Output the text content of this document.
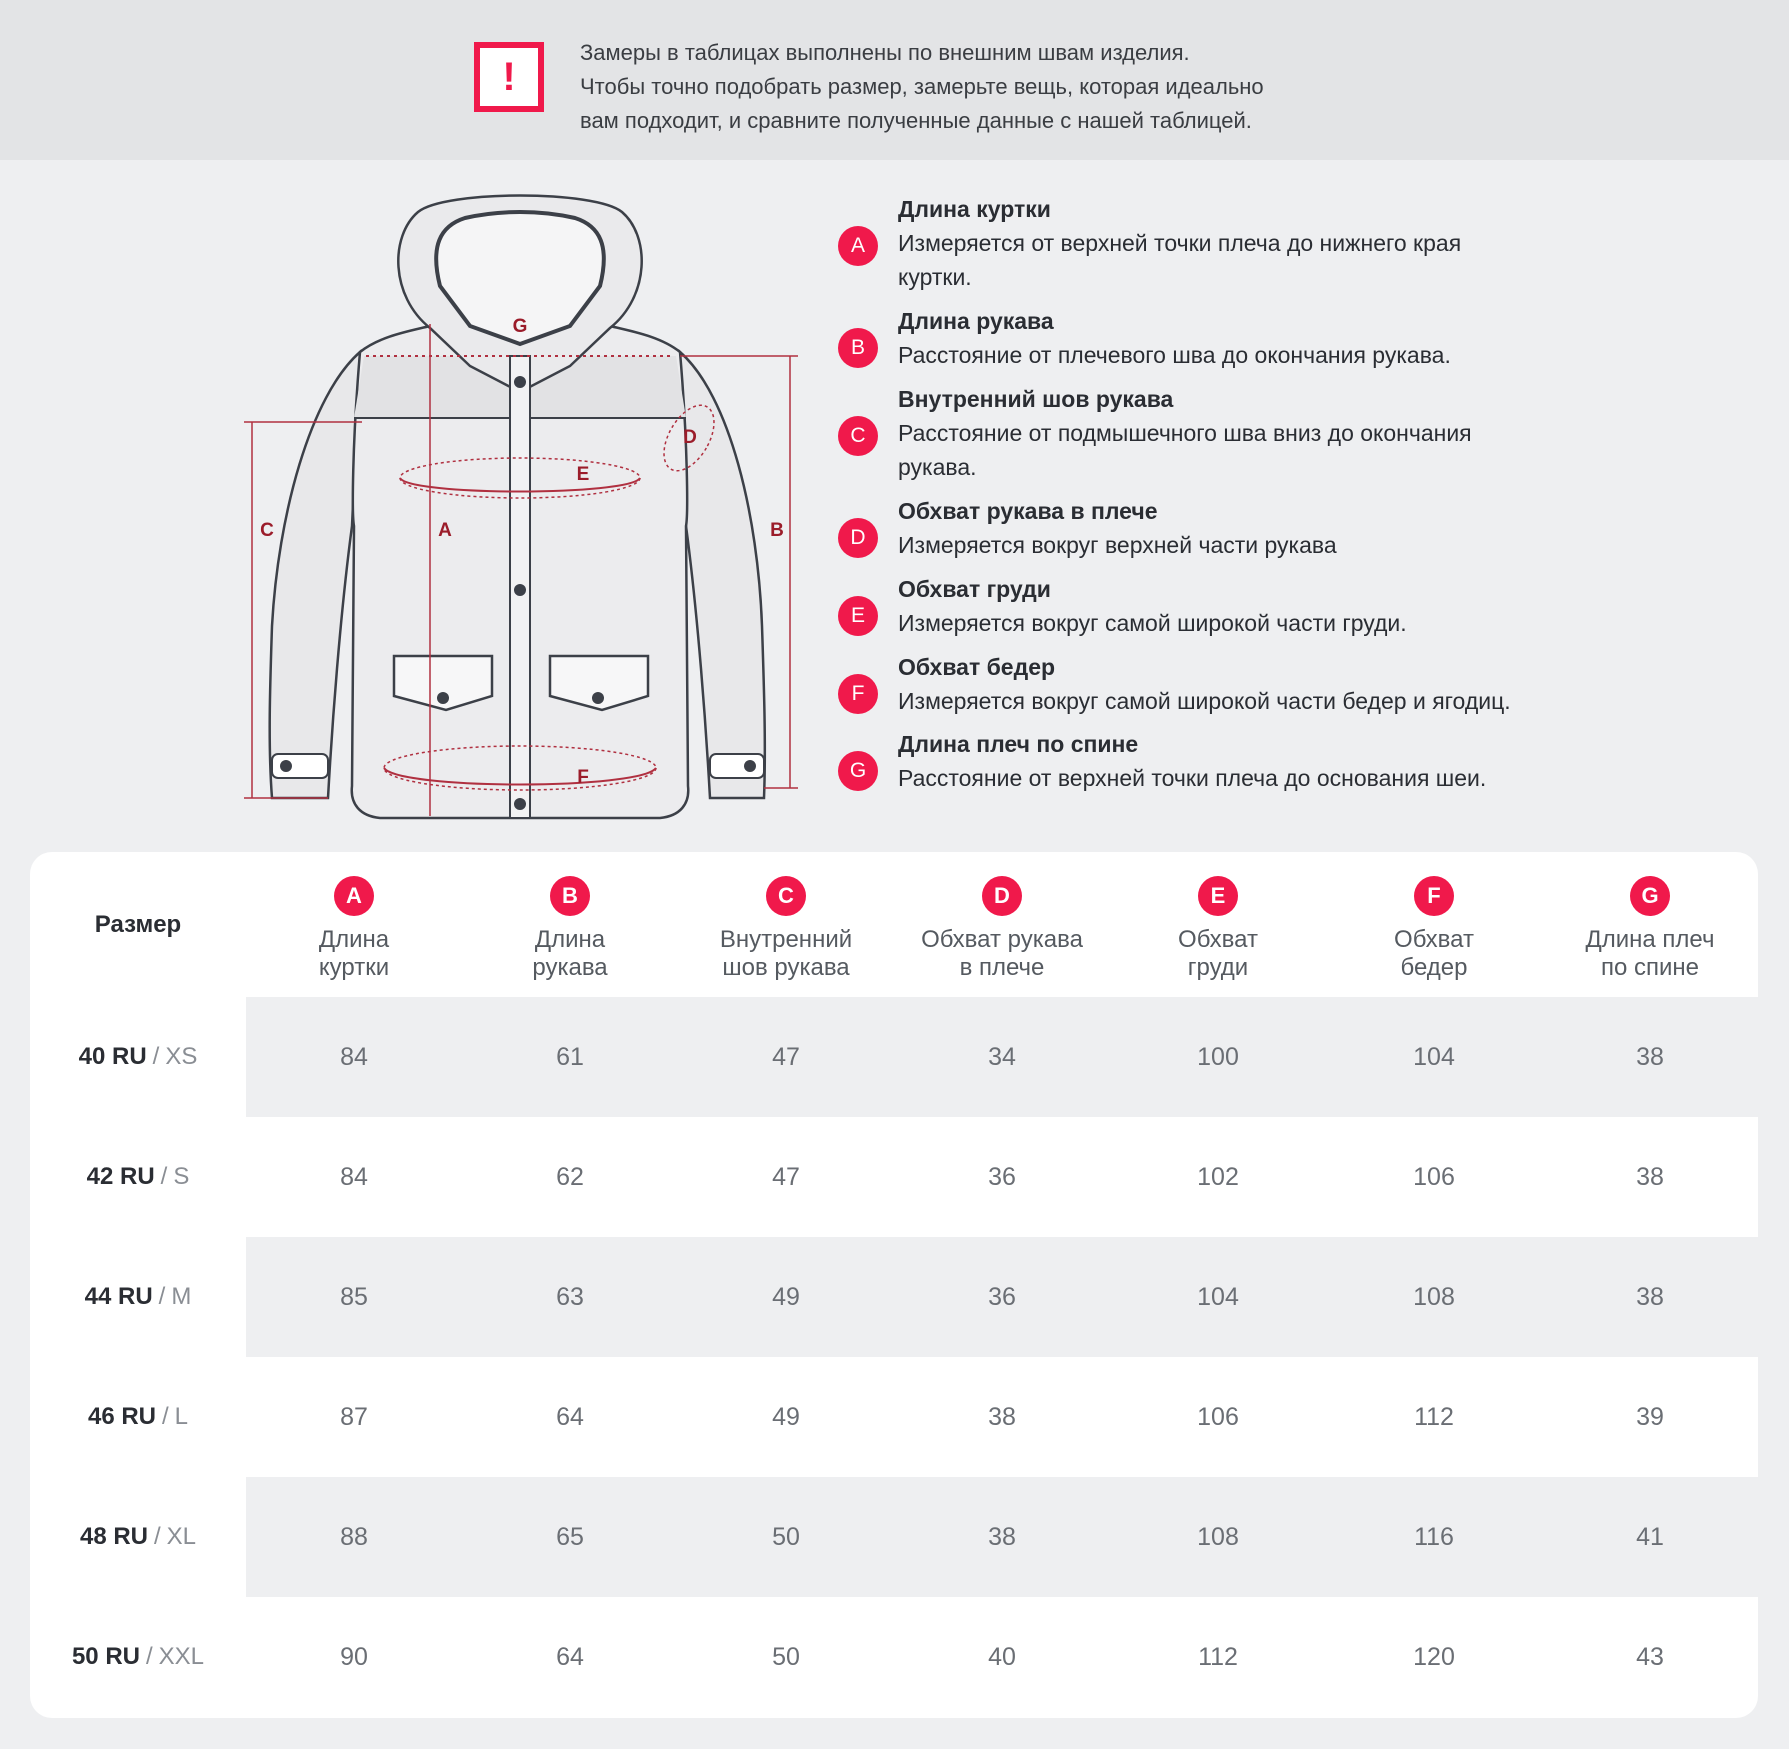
!
Замеры в таблицах выполнены по внешним швам изделия.
Чтобы точно подобрать размер, замерьте вещь, которая идеально
вам подходит, и сравните полученные данные с нашей таблицей.
G
A
C	B
D
E
F
A
Длина куртки
Измеряется от верхней точки плеча до нижнего края
куртки.
B
Длина рукава
Расстояние от плечевого шва до окончания рукава.
C
Внутренний шов рукава
Расстояние от подмышечного шва вниз до окончания
рукава.
D
Обхват рукава в плече
Измеряется вокруг верхней части рукава
E
Обхват груди
Измеряется вокруг самой широкой части груди.
F
Обхват бедер
Измеряется вокруг самой широкой части бедер и ягодиц.
G
Длина плеч по спине
Расстояние от верхней точки плеча до основания шеи.
Размер
A
Длина
куртки
B
Длина
рукава
C
Внутренний
шов рукава
D
Обхват рукава
в плече
E
Обхват
груди
F
Обхват
бедер
G
Длина плеч
по спине
40 RU / XS	84	61	47	34	100	104	38
42 RU / S	84	62	47	36	102	106	38
44 RU / M	85	63	49	36	104	108	38
46 RU / L	87	64	49	38	106	112	39
48 RU / XL	88	65	50	38	108	116	41
50 RU / XXL	90	64	50	40	112	120	43
